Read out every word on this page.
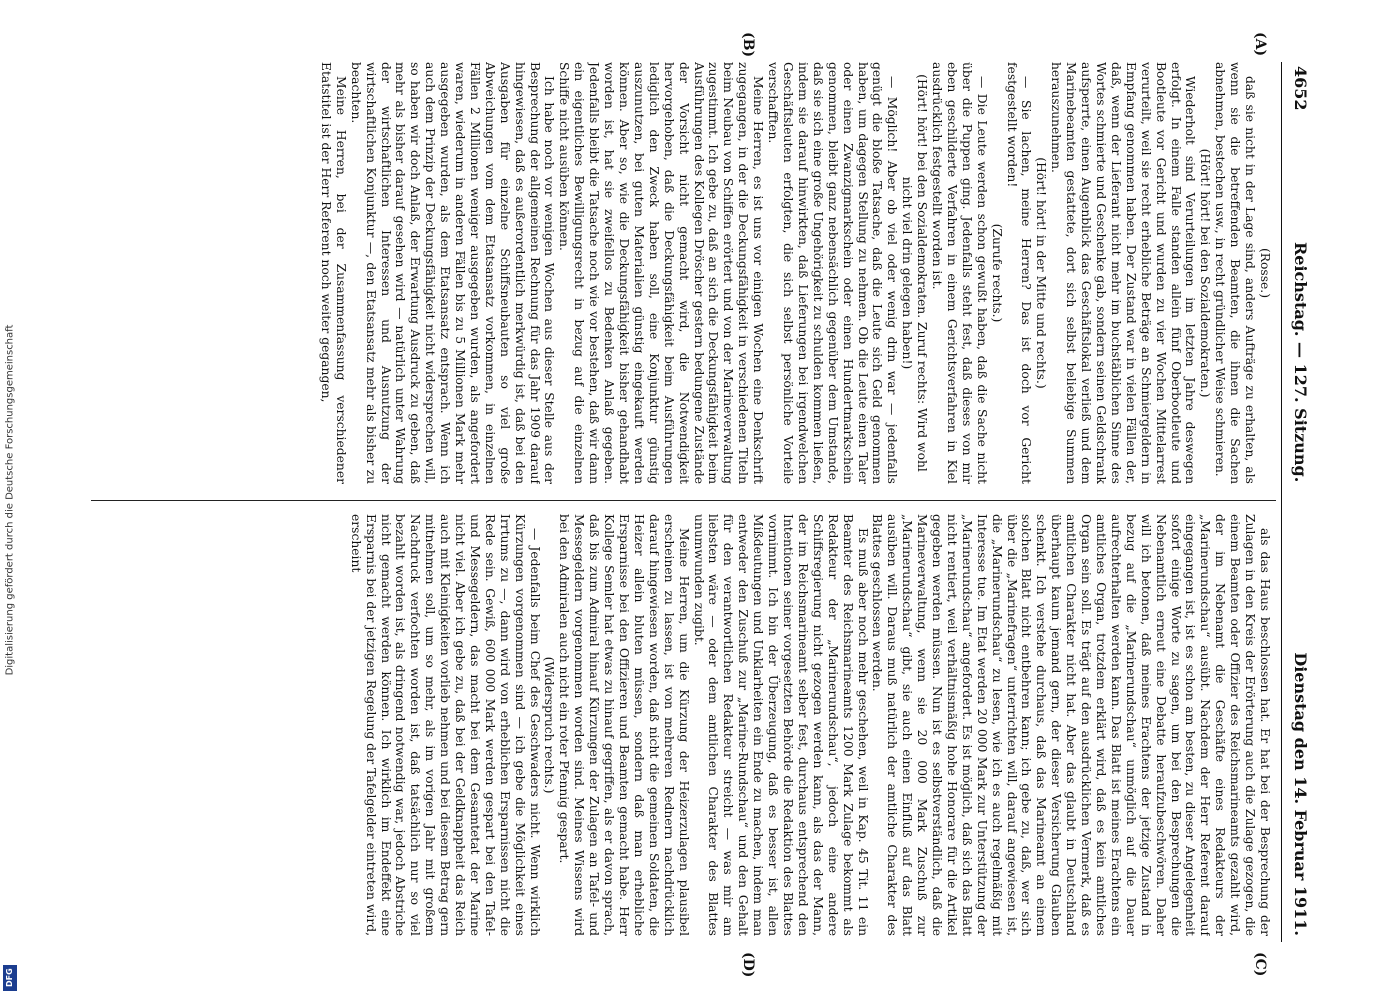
Digitalisierung gefördert durch die Deutsche Forschungsgemeinschaft
DFG
4652
Reichstag. — 127. Sitzung.
Dienstag den 14. Februar 1911.
(A)
(B)
(C)
(D)

(Rosse.)

daß sie nicht in der Lage sind, anders Aufträge zu erhalten, als wenn sie die betreffenden Beamten, die ihnen die Sachen abnehmen, bestechen usw., in recht gründlicher Weise schmieren.

(Hört! hört! bei den Sozialdemokraten.)

Wiederholt sind Verurteilungen im letzten Jahre deswegen erfolgt. In einem Falle standen allein fünf Oberbootleute und Bootleute vor Gericht und wurden zu vier Wochen Mittelarrest verurteilt, weil sie recht erhebliche Beträge an Schmiergeldern in Empfang genommen haben. Der Zustand war in vielen Fällen der, daß, wenn der Lieferant nicht mehr im buchstäblichen Sinne des Wortes schmierte und Geschenke gab, sondern seinen Geldschrank aufsperrte, einen Augenblick das Geschäftslokal verließ und dem Marinebeamten gestattete, dort sich selbst beliebige Summen herauszunehmen.

(Hört! hört! in der Mitte und rechts.)

— Sie lachen, meine Herren? Das ist doch vor Gericht festgestellt worden!

(Zurufe rechts.)

— Die Leute werden schon gewußt haben, daß die Sache nicht über die Puppen ging. Jedenfalls steht fest, daß dieses von mir eben geschilderte Verfahren in einem Gerichtsverfahren in Kiel ausdrücklich festgestellt worden ist.

(Hört! hört! bei den Sozialdemokraten. Zuruf rechts: Wird wohl nicht viel drin gelegen haben!)

— Möglich! Aber ob viel oder wenig drin war — jedenfalls genügt die bloße Tatsache, daß die Leute sich Geld genommen haben, um dagegen Stellung zu nehmen. Ob die Leute einen Taler oder einen Zwanzigmarkschein oder einen Hundertmarkschein genommen, bleibt ganz nebensächlich gegenüber dem Umstande, daß sie sich eine große Ungehörigkeit zu schulden kommen ließen, indem sie darauf hinwirkten, daß Lieferungen bei irgendwelchen Geschäftsleuten erfolgten, die sich selbst persönliche Vorteile verschafften.

Meine Herren, es ist uns vor einigen Wochen eine Denkschrift zugegangen, in der die Deckungsfähigkeit in verschiedenen Titeln beim Neubau von Schiffen erörtert und von der Marineverwaltung zugestimmt. Ich gebe zu, daß an sich die Deckungsfähigkeit beim Ausführungen des Kollegen Dröscher gestern bedungene Zustände der Vorsicht nicht gemacht wird, die Notwendigkeit hervorgehoben, daß die Deckungsfähigkeit beim Ausführungen lediglich den Zweck haben soll, eine Konjunktur günstig auszunutzen, bei guten Materialien günstig eingekauft werden können. Aber so, wie die Deckungsfähigkeit bisher gehandhabt worden ist, hat sie zweifellos zu Bedenken Anlaß gegeben. Jedenfalls bleibt die Tatsache noch wie vor bestehen, daß wir dann ein eigentliches Bewilligungsrecht in bezug auf die einzelnen Schiffe nicht ausüben können.

Ich habe noch vor wenigen Wochen aus dieser Stelle aus der Besprechung der allgemeinen Rechnung für das Jahr 1909 darauf hingewiesen, daß es außerordentlich merkwürdig ist, daß bei den Ausgaben für einzelne Schiffsneubauten so viel große Abweichungen vom dem Etatsansatz vorkommen, in einzelnen Fällen 2 Millionen weniger ausgegeben wurden, als angefordert waren, wiederum in anderen Fällen bis zu 5 Millionen Mark mehr ausgegeben wurden, als dem Etatsansatz entsprach. Wenn ich auch dem Prinzip der Deckungsfähigkeit nicht widersprechen will, so haben wir doch Anlaß, der Erwartung Ausdruck zu geben, daß mehr als bisher darauf gesehen wird — natürlich unter Wahrung der wirtschaftlichen Interessen und Ausnutzung der wirtschaftlichen Konjunktur —, den Etatsansatz mehr als bisher zu beachten.

Meine Herren, bei der Zusammenfassung verschiedener Etatstitel ist der Herr Referent noch weiter gegangen,

als das Haus beschlossen hat. Er hat bei der Besprechung der Zulagen in den Kreis der Erörterung auch die Zulage gezogen, die einem Beamten oder Offizier des Reichsmarineamts gezahlt wird, der im Nebenamt die Geschäfte eines Redakteurs der „Marinerundschau“ ausübt. Nachdem der Herr Referent darauf eingegangen ist, ist es schon am besten, zu dieser Angelegenheit sofort einige Worte zu sagen, um bei den Besprechungen die Nebenamtlich erneut eine Debatte heraufzubeschwören. Daher will ich betonen, daß meines Erachtens der jetzige Zustand in bezug auf die „Marinerundschau“ unmöglich auf die Dauer aufrechterhalten werden kann. Das Blatt ist meines Erachtens ein amtliches Organ, trotzdem erklärt wird, daß es kein amtliches Organ sein soll. Es trägt auf den ausdrücklichen Vermerk, daß es amtlichen Charakter nicht hat. Aber das glaubt in Deutschland überhaupt kaum jemand gern, der dieser Versicherung Glauben schenkt. Ich verstehe durchaus, daß das Marineamt an einem solchen Blatt nicht entbehren kann; ich gebe zu, daß, wer sich über die „Marinefragen“ unterrichten will, darauf angewiesen ist, die „Marinerundschau“ zu lesen, wie ich es auch regelmäßig mit Interesse tue. Im Etat werden 20 000 Mark zur Unterstützung der „Marinerundschau“ angefordert. Es ist möglich, daß sich das Blatt nicht rentiert, weil verhältnismäßig hohe Honorare für die Artikel gegeben werden müssen. Nun ist es selbstverständlich, daß die Marineverwaltung, wenn sie 20 000 Mark Zuschuß zur „Marinerundschau“ gibt, sie auch einen Einfluß auf das Blatt ausüben will. Daraus muß natürlich der amtliche Charakter des Blattes geschlossen werden.

Es muß aber noch mehr geschehen, weil in Kap. 45 Tit. 11 ein Beamter des Reichsmarineamts 1200 Mark Zulage bekommt als Redakteur der „Marinerundschau“, jedoch eine andere Schiffsregierung nicht gezogen werden kann, als das der Mann, der im Reichsmarineamt selber fest, durchaus entsprechend den Intentionen seiner vorgesetzten Behörde die Redaktion des Blattes vornimmt. Ich bin der Überzeugung, daß es besser ist, allen Mißdeutungen und Unklarheiten ein Ende zu machen, indem man entweder den Zuschuß zur „Marine-Rundschau“ und den Gehalt für den verantwortlichen Redakteur streicht — was mir am liebsten wäre — oder dem amtlichen Charakter des Blattes unumwunden zugibt.

Meine Herren, um die Kürzung der Heizerzulagen plausibel erscheinen zu lassen, ist von mehreren Rednern nachdrücklich darauf hingewiesen worden, daß nicht die gemeinen Soldaten, die Heizer allein bluten müssen, sondern daß man erhebliche Ersparnisse bei den Offizieren und Beamten gemacht habe. Herr Kollege Semler hat etwas zu hinauf gegriffen, als er davon sprach, daß bis zum Admiral hinauf Kürzungen der Zulagen an Tafel- und Messegeldern vorgenommen worden sind. Meines Wissens wird bei den Admiralen auch nicht ein roter Pfennig gespart.

(Widerspruch rechts.)

— Jedenfalls beim Chef des Geschwaders nicht. Wenn wirklich Kürzungen vorgenommen sind — ich gebe die Möglichkeit eines Irrtums zu —, dann wird von erheblichen Ersparnissen nicht die Rede sein. Gewiß, 600 000 Mark werden gespart bei den Tafel- und Messegeldern, das macht bei dem Gesamtetat der Marine nicht viel. Aber ich gebe zu, daß bei der Geldknappheit das Reich auch mit Kleinigkeiten vorlieb nehmen und bei diesem Betrag gern mitnehmen soll, um so mehr, als im vorigen Jahr mit großem Nachdruck verfochten worden ist, daß tatsächlich nur so viel bezahlt worden ist, als dringend notwendig war, jedoch Abstriche nicht gemacht werden können. Ich wirklich im Endeffekt eine Ersparnis bei der jetzigen Regelung der Tafelgelder eintreten wird, erscheint
